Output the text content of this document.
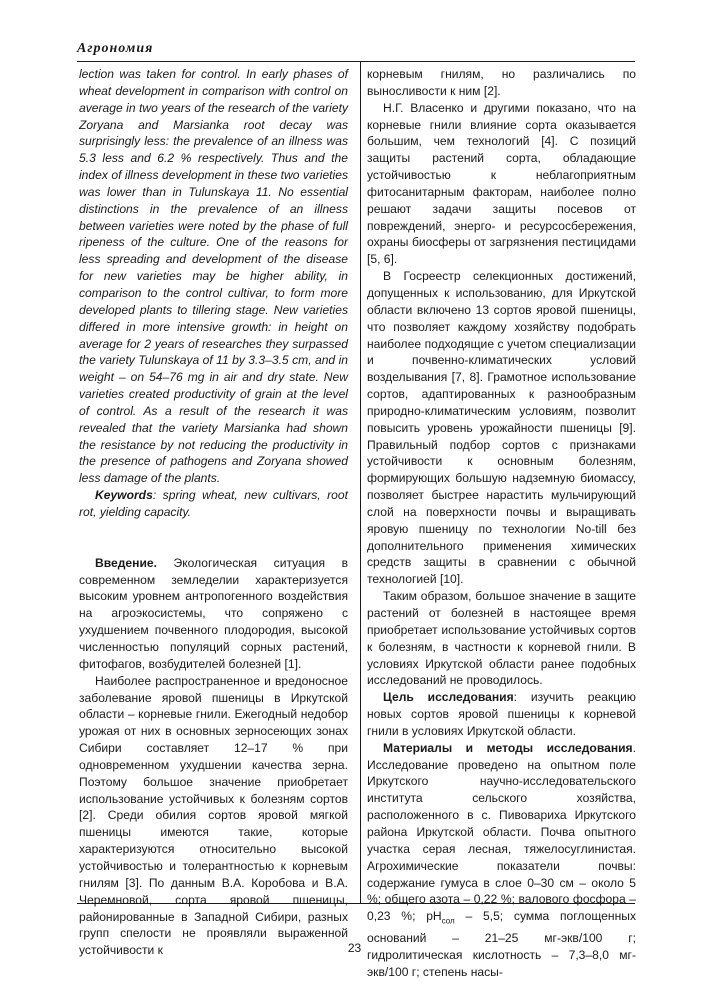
Агрономия

lection was taken for control. In early phases of wheat development in comparison with control on average in two years of the research of the variety Zoryana and Marsianka root decay was surprisingly less: the prevalence of an illness was 5.3 less and 6.2 % respectively. Thus and the index of illness development in these two varieties was lower than in Tulunskaya 11. No essential distinctions in the prevalence of an illness between varieties were noted by the phase of full ripeness of the culture. One of the reasons for less spreading and development of the disease for new varieties may be higher ability, in comparison to the control cultivar, to form more developed plants to tillering stage. New varieties differed in more intensive growth: in height on average for 2 years of researches they surpassed the variety Tulunskaya of 11 by 3.3–3.5 cm, and in weight – on 54–76 mg in air and dry state. New varieties created productivity of grain at the level of control. As a result of the research it was revealed that the variety Marsianka had shown the resistance by not reducing the productivity in the presence of pathogens and Zoryana showed less damage of the plants.

Keywords: spring wheat, new cultivars, root rot, yielding capacity.

Введение. Экологическая ситуация в современном земледелии характеризуется высоким уровнем антропогенного воздействия на агроэкосистемы, что сопряжено с ухудшением почвенного плодородия, высокой численностью популяций сорных растений, фитофагов, возбудителей болезней [1].

Наиболее распространенное и вредоносное заболевание яровой пшеницы в Иркутской области – корневые гнили. Ежегодный недобор урожая от них в основных зерносеющих зонах Сибири составляет 12–17 % при одновременном ухудшении качества зерна. Поэтому большое значение приобретает использование устойчивых к болезням сортов [2]. Среди обилия сортов яровой мягкой пшеницы имеются такие, которые характеризуются относительно высокой устойчивостью и толерантностью к корневым гнилям [3]. По данным В.А. Коробова и В.А. Черемновой, сорта яровой пшеницы, районированные в Западной Сибири, разных групп спелости не проявляли выраженной устойчивости к

корневым гнилям, но различались по выносливости к ним [2].

Н.Г. Власенко и другими показано, что на корневые гнили влияние сорта оказывается большим, чем технологий [4]. С позиций защиты растений сорта, обладающие устойчивостью к неблагоприятным фитосанитарным факторам, наиболее полно решают задачи защиты посевов от повреждений, энерго- и ресурсосбережения, охраны биосферы от загрязнения пестицидами [5, 6].

В Госреестр селекционных достижений, допущенных к использованию, для Иркутской области включено 13 сортов яровой пшеницы, что позволяет каждому хозяйству подобрать наиболее подходящие с учетом специализации и почвенно-климатических условий возделывания [7, 8]. Грамотное использование сортов, адаптированных к разнообразным природно-климатическим условиям, позволит повысить уровень урожайности пшеницы [9]. Правильный подбор сортов с признаками устойчивости к основным болезням, формирующих большую надземную биомассу, позволяет быстрее нарастить мульчирующий слой на поверхности почвы и выращивать яровую пшеницу по технологии No-till без дополнительного применения химических средств защиты в сравнении с обычной технологией [10].

Таким образом, большое значение в защите растений от болезней в настоящее время приобретает использование устойчивых сортов к болезням, в частности к корневой гнили. В условиях Иркутской области ранее подобных исследований не проводилось.

Цель исследования: изучить реакцию новых сортов яровой пшеницы к корневой гнили в условиях Иркутской области.

Материалы и методы исследования. Исследование проведено на опытном поле Иркутского научно-исследовательского института сельского хозяйства, расположенного в с. Пивовариха Иркутского района Иркутской области. Почва опытного участка серая лесная, тяжелосуглинистая. Агрохимические показатели почвы: содержание гумуса в слое 0–30 см – около 5 %; общего азота – 0,22 %; валового фосфора – 0,23 %; $pH_{сол} - 5,5$; сумма поглощенных оснований – 21–25 мг-экв/100 г; гидролитическая кислотность – 7,3–8,0 мг-экв/100 г; степень насы-

23
